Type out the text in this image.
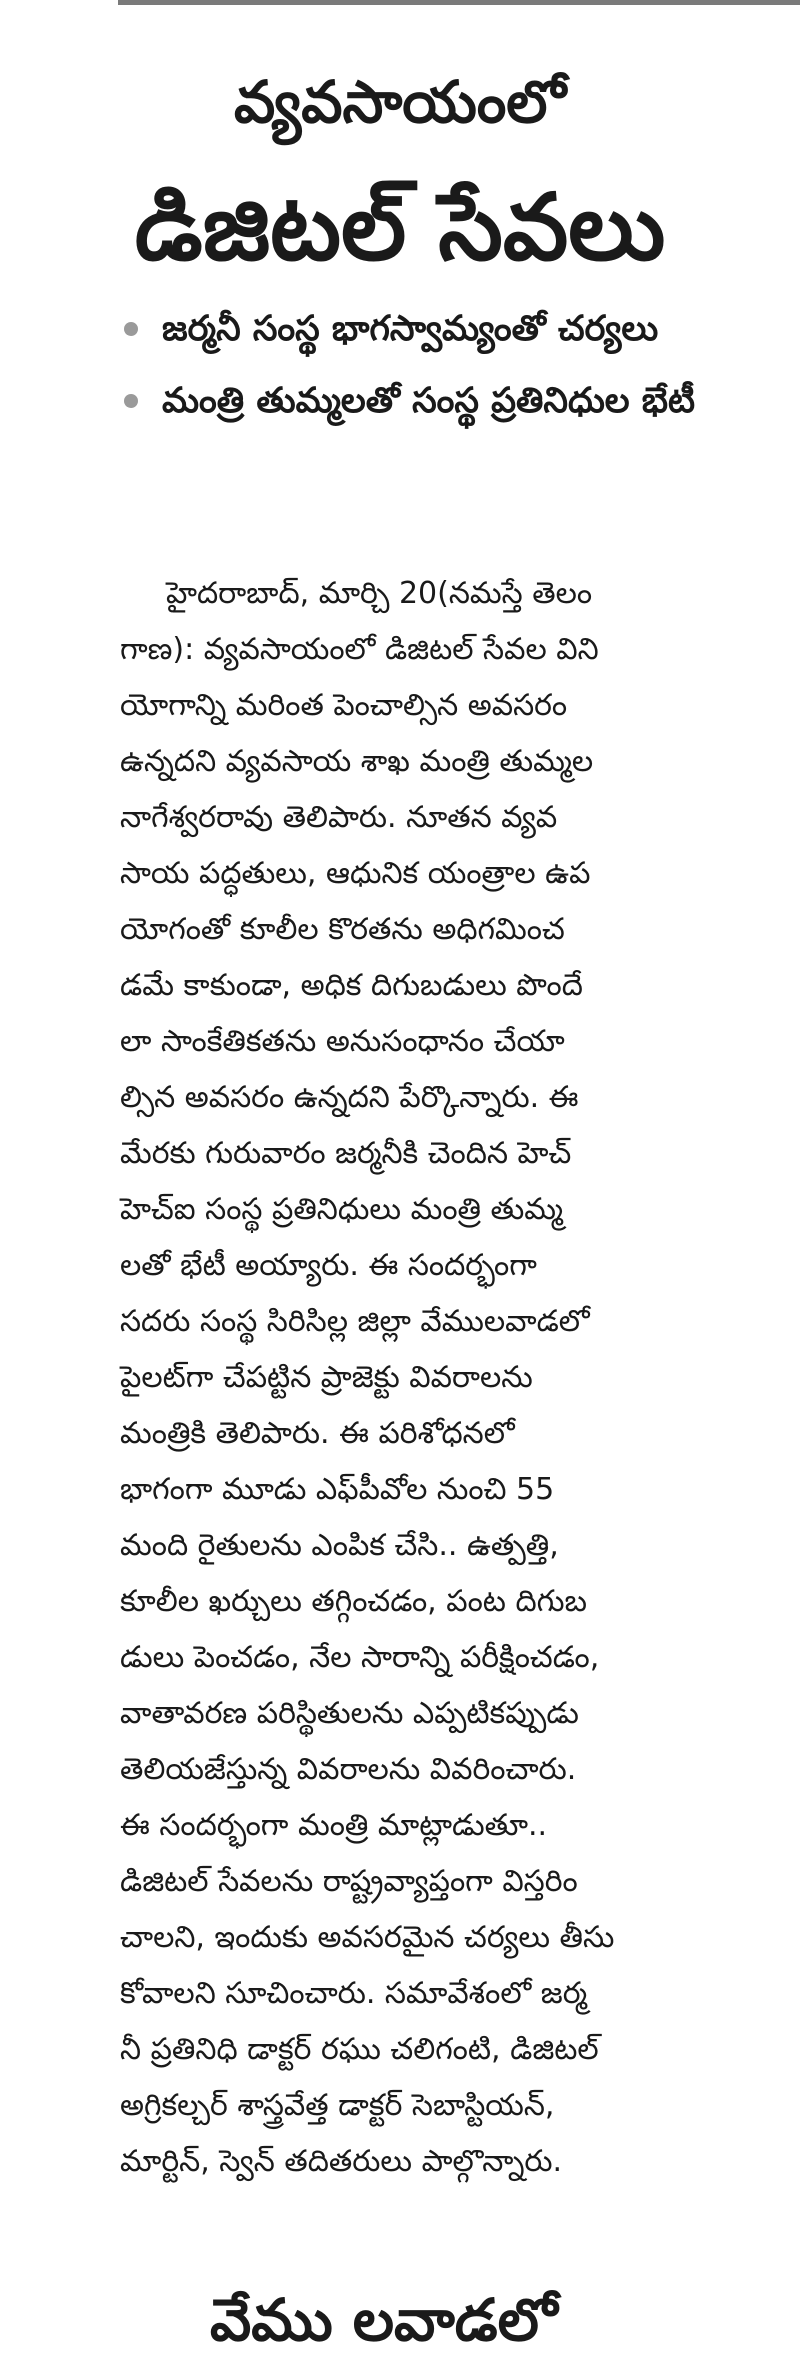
వ్యవసాయంలో
డిజిటల్ సేవలు
జర్మనీ సంస్థ భాగస్వామ్యంతో చర్యలు
మంత్రి తుమ్మలతో సంస్థ ప్రతినిధుల భేటీ
హైదరాబాద్, మార్చి 20(నమస్తే తెలం
గాణ): వ్యవసాయంలో డిజిటల్ సేవల విని
యోగాన్ని మరింత పెంచాల్సిన అవసరం
ఉన్నదని వ్యవసాయ శాఖ మంత్రి తుమ్మల
నాగేశ్వరరావు తెలిపారు. నూతన వ్యవ
సాయ పద్ధతులు, ఆధునిక యంత్రాల ఉప
యోగంతో కూలీల కొరతను అధిగమించ
డమే కాకుండా, అధిక దిగుబడులు పొందే
లా సాంకేతికతను అనుసంధానం చేయా
ల్సిన అవసరం ఉన్నదని పేర్కొన్నారు. ఈ
మేరకు గురువారం జర్మనీకి చెందిన హెచ్
హెచ్ఐ సంస్థ ప్రతినిధులు మంత్రి తుమ్మ
లతో భేటీ అయ్యారు. ఈ సందర్భంగా
సదరు సంస్థ సిరిసిల్ల జిల్లా వేములవాడలో
పైలట్‌గా చేపట్టిన ప్రాజెక్టు వివరాలను
మంత్రికి తెలిపారు. ఈ పరిశోధనలో
భాగంగా మూడు ఎఫ్‌పీవోల నుంచి 55
మంది రైతులను ఎంపిక చేసి.. ఉత్పత్తి,
కూలీల ఖర్చులు తగ్గించడం, పంట దిగుబ
డులు పెంచడం, నేల సారాన్ని పరీక్షించడం,
వాతావరణ పరిస్థితులను ఎప్పటికప్పుడు
తెలియజేస్తున్న వివరాలను వివరించారు.
ఈ సందర్భంగా మంత్రి మాట్లాడుతూ..
డిజిటల్ సేవలను రాష్ట్రవ్యాప్తంగా విస్తరిం
చాలని, ఇందుకు అవసరమైన చర్యలు తీసు
కోవాలని సూచించారు. సమావేశంలో జర్మ
నీ ప్రతినిధి డాక్టర్ రఘు చలిగంటి, డిజిటల్
అగ్రికల్చర్ శాస్త్రవేత్త డాక్టర్ సెబాస్టియన్,
మార్టిన్, స్వెన్ తదితరులు పాల్గొన్నారు.
వేము లవాడలో
